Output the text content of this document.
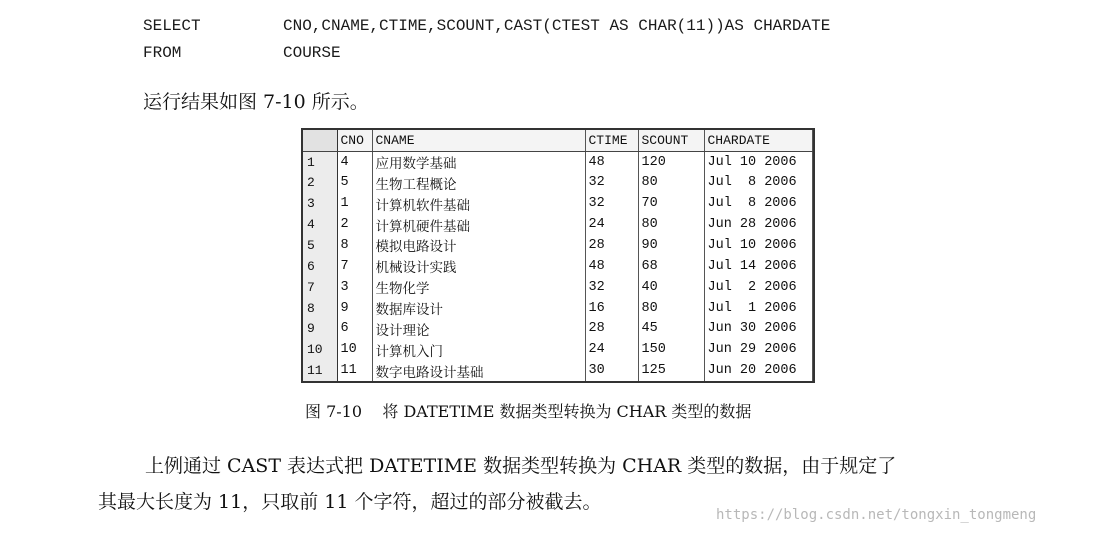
SELECT	CNO,CNAME,CTIME,SCOUNT,CAST(CTEST AS CHAR(11))AS CHARDATE
FROM	COURSE
运行结果如图 7-10 所示。
	CNO	CNAME	CTIME	SCOUNT	CHARDATE
1	4	应用数学基础	48	120	Jul 10 2006
2	5	生物工程概论	32	80	Jul  8 2006
3	1	计算机软件基础	32	70	Jul  8 2006
4	2	计算机硬件基础	24	80	Jun 28 2006
5	8	模拟电路设计	28	90	Jul 10 2006
6	7	机械设计实践	48	68	Jul 14 2006
7	3	生物化学	32	40	Jul  2 2006
8	9	数据库设计	16	80	Jul  1 2006
9	6	设计理论	28	45	Jun 30 2006
10	10	计算机入门	24	150	Jun 29 2006
11	11	数字电路设计基础	30	125	Jun 20 2006
图 7-10    将 DATETIME 数据类型转换为 CHAR 类型的数据
上例通过 CAST 表达式把 DATETIME 数据类型转换为 CHAR 类型的数据，由于规定了
其最大长度为 11，只取前 11 个字符，超过的部分被截去。
https://blog.csdn.net/tongxin_tongmeng
